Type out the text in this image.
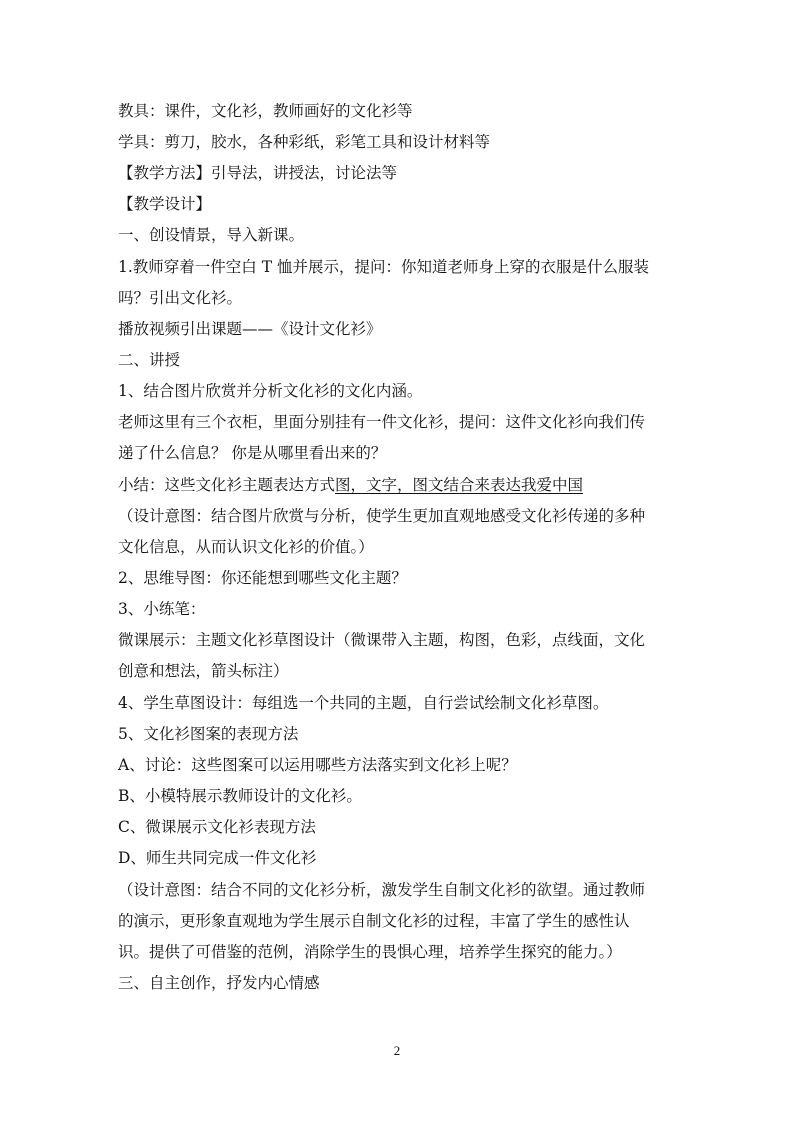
教具：课件，文化衫，教师画好的文化衫等
学具：剪刀，胶水，各种彩纸，彩笔工具和设计材料等
【教学方法】引导法，讲授法，讨论法等
【教学设计】
一、创设情景，导入新课。
1.教师穿着一件空白 T 恤并展示，提问：你知道老师身上穿的衣服是什么服装
吗？引出文化衫。
播放视频引出课题——《设计文化衫》
二、讲授
1、结合图片欣赏并分析文化衫的文化内涵。
老师这里有三个衣柜，里面分别挂有一件文化衫，提问：这件文化衫向我们传
递了什么信息？ 你是从哪里看出来的？
小结：这些文化衫主题表达方式图，文字，图文结合来表达我爱中国
（设计意图：结合图片欣赏与分析，使学生更加直观地感受文化衫传递的多种
文化信息，从而认识文化衫的价值。）
2、思维导图：你还能想到哪些文化主题？
3、小练笔：
微课展示：主题文化衫草图设计（微课带入主题，构图，色彩，点线面，文化
创意和想法，箭头标注）
4、学生草图设计：每组选一个共同的主题，自行尝试绘制文化衫草图。
5、文化衫图案的表现方法
A、讨论：这些图案可以运用哪些方法落实到文化衫上呢？
B、小模特展示教师设计的文化衫。
C、微课展示文化衫表现方法
D、师生共同完成一件文化衫
（设计意图：结合不同的文化衫分析，激发学生自制文化衫的欲望。通过教师
的演示，更形象直观地为学生展示自制文化衫的过程，丰富了学生的感性认
识。提供了可借鉴的范例，消除学生的畏惧心理，培养学生探究的能力。）
三、自主创作，抒发内心情感
2
